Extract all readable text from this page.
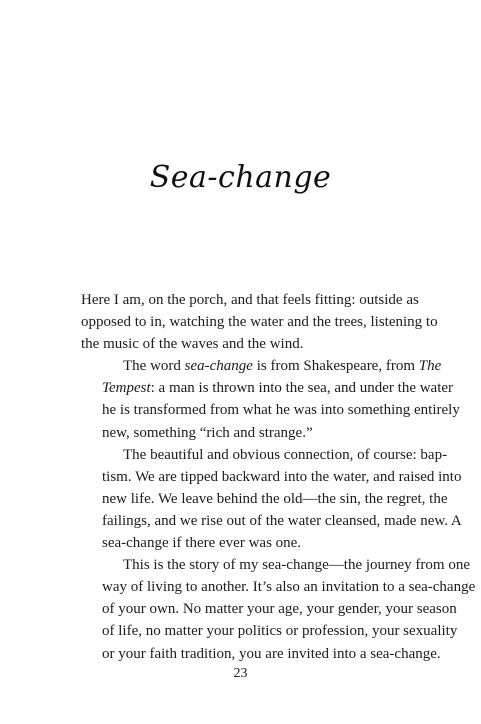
Sea-change
Here I am, on the porch, and that feels fitting: outside as
opposed to in, watching the water and the trees, listening to
the music of the waves and the wind.
The word sea-change is from Shakespeare, from The
Tempest: a man is thrown into the sea, and under the water
he is transformed from what he was into something entirely
new, something “rich and strange.”
The beautiful and obvious connection, of course: bap-
tism. We are tipped backward into the water, and raised into
new life. We leave behind the old—the sin, the regret, the
failings, and we rise out of the water cleansed, made new. A
sea-change if there ever was one.
This is the story of my sea-change—the journey from one
way of living to another. It’s also an invitation to a sea-change
of your own. No matter your age, your gender, your season
of life, no matter your politics or profession, your sexuality
or your faith tradition, you are invited into a sea-change.
23
